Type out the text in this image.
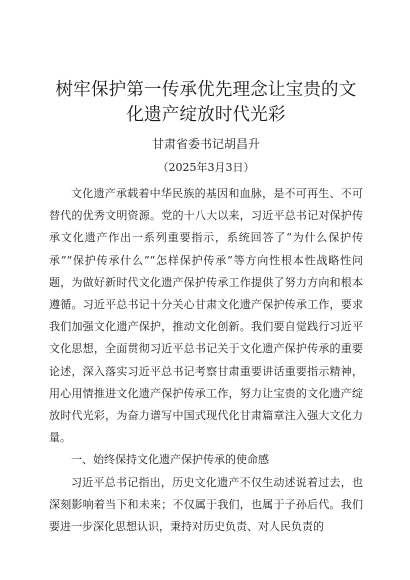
树牢保护第一传承优先理念让宝贵的文化遗产绽放时代光彩
甘肃省委书记胡昌升
（2025年3月3日）

文化遗产承载着中华民族的基因和血脉，是不可再生、不可替代的优秀文明资源。党的十八大以来，习近平总书记对保护传承文化遗产作出一系列重要指示，系统回答了“为什么保护传承”“保护传承什么”“怎样保护传承”等方向性根本性战略性问题，为做好新时代文化遗产保护传承工作提供了努力方向和根本遵循。习近平总书记十分关心甘肃文化遗产保护传承工作，要求我们加强文化遗产保护，推动文化创新。我们要自觉践行习近平文化思想，全面贯彻习近平总书记关于文化遗产保护传承的重要论述，深入落实习近平总书记考察甘肃重要讲话重要指示精神，用心用情推进文化遗产保护传承工作，努力让宝贵的文化遗产绽放时代光彩，为奋力谱写中国式现代化甘肃篇章注入强大文化力量。

一、始终保持文化遗产保护传承的使命感

习近平总书记指出，历史文化遗产不仅生动述说着过去，也深刻影响着当下和未来；不仅属于我们，也属于子孙后代。我们要进一步深化思想认识，秉持对历史负责、对人民负责的
